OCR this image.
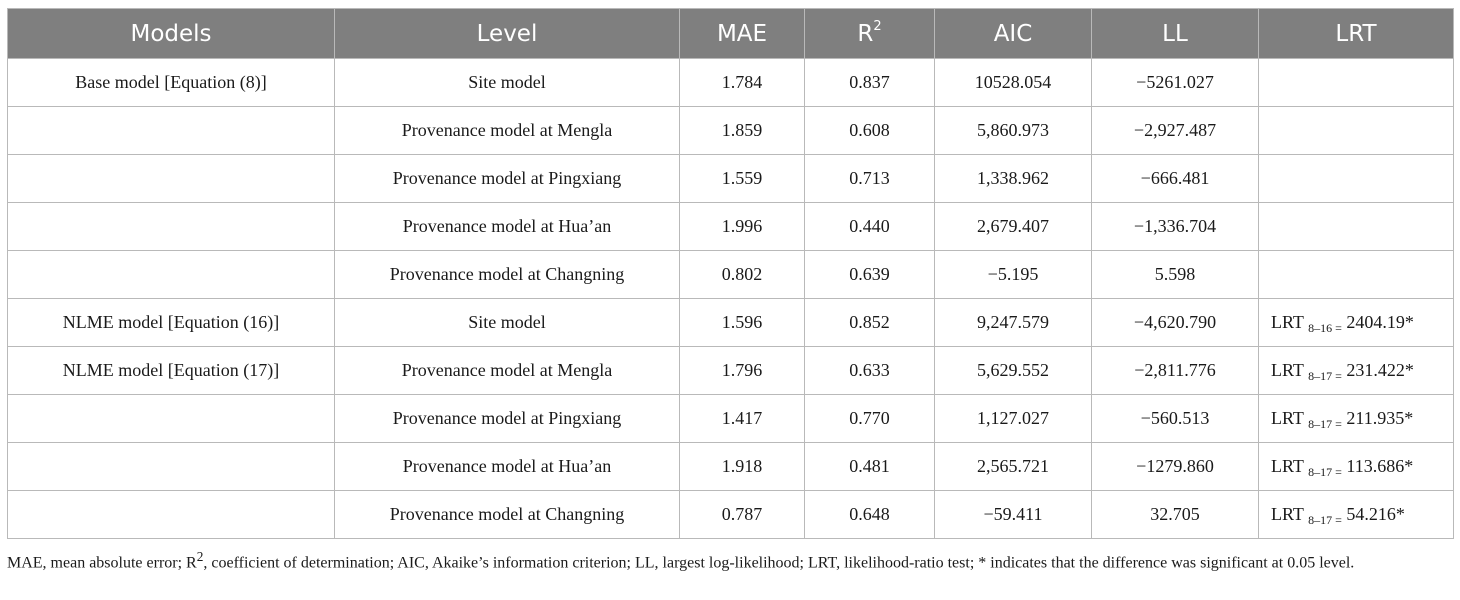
Models	Level	MAE	$R^2$	AIC	LL	LRT
Base model [Equation (8)]	Site model	1.784	0.837	10528.054	−5261.027	
	Provenance model at Mengla	1.859	0.608	5,860.973	−2,927.487	
	Provenance model at Pingxiang	1.559	0.713	1,338.962	−666.481	
	Provenance model at Hua’an	1.996	0.440	2,679.407	−1,336.704	
	Provenance model at Changning	0.802	0.639	−5.195	5.598	
NLME model [Equation (16)]	Site model	1.596	0.852	9,247.579	−4,620.790	LRT $_{8-16 =}$ 2404.19*
NLME model [Equation (17)]	Provenance model at Mengla	1.796	0.633	5,629.552	−2,811.776	LRT $_{8-17 =}$ 231.422*
	Provenance model at Pingxiang	1.417	0.770	1,127.027	−560.513	LRT $_{8-17 =}$ 211.935*
	Provenance model at Hua’an	1.918	0.481	2,565.721	−1279.860	LRT $_{8-17 =}$ 113.686*
	Provenance model at Changning	0.787	0.648	−59.411	32.705	LRT $_{8-17 =}$ 54.216*
MAE, mean absolute error; $R^2$, coefficient of determination; AIC, Akaike’s information criterion; LL, largest log-likelihood; LRT, likelihood-ratio test; * indicates that the difference was significant at 0.05 level.
